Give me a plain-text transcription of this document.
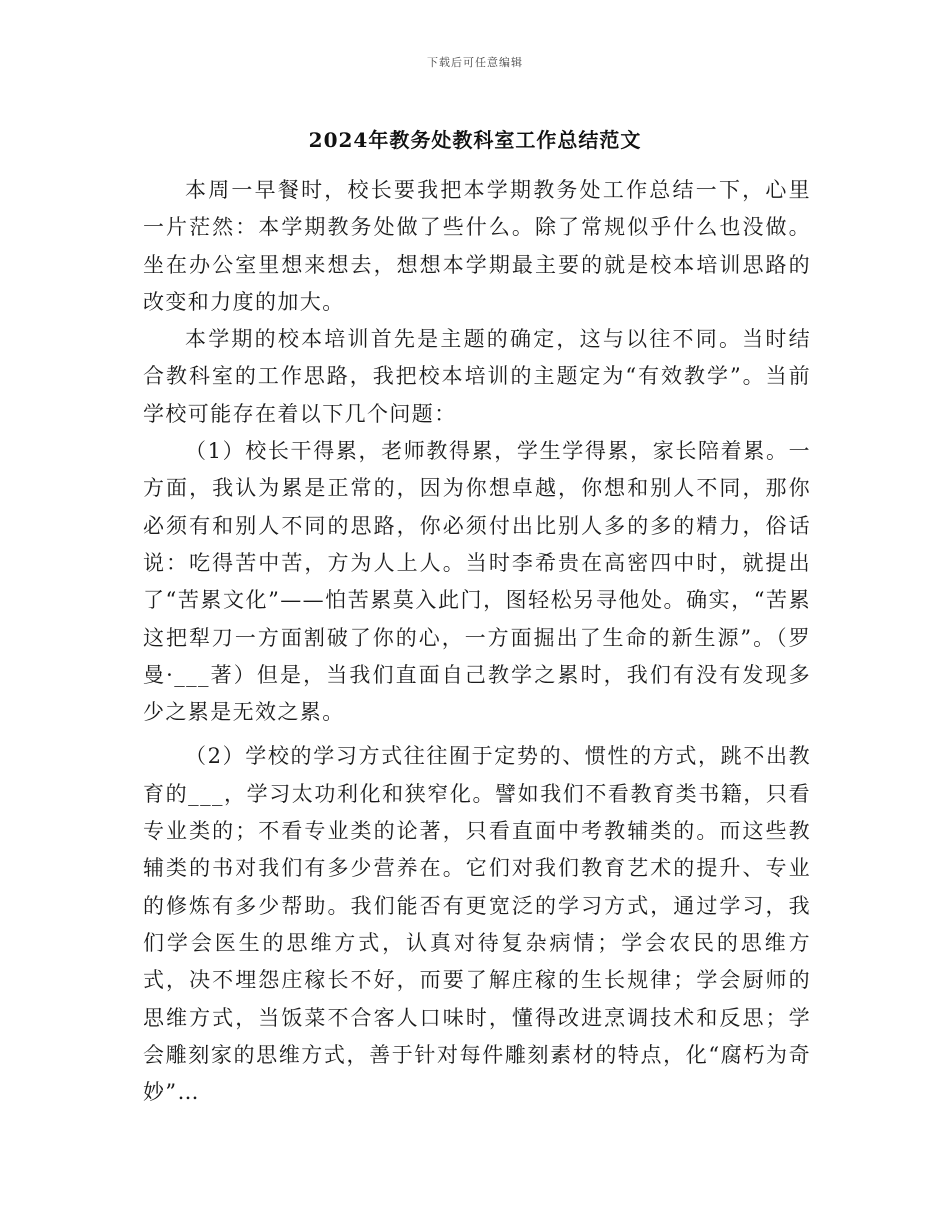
下载后可任意编辑
2024年教务处教科室工作总结范文

本周一早餐时，校长要我把本学期教务处工作总结一下，心里一片茫然：本学期教务处做了些什么。除了常规似乎什么也没做。坐在办公室里想来想去，想想本学期最主要的就是校本培训思路的改变和力度的加大。

本学期的校本培训首先是主题的确定，这与以往不同。当时结合教科室的工作思路，我把校本培训的主题定为“有效教学”。当前学校可能存在着以下几个问题：

（1）校长干得累，老师教得累，学生学得累，家长陪着累。一方面，我认为累是正常的，因为你想卓越，你想和别人不同，那你必须有和别人不同的思路，你必须付出比别人多的多的精力，俗话说：吃得苦中苦，方为人上人。当时李希贵在高密四中时，就提出了“苦累文化”——怕苦累莫入此门，图轻松另寻他处。确实，“苦累这把犁刀一方面割破了你的心，一方面掘出了生命的新生源”。（罗曼·___著）但是，当我们直面自己教学之累时，我们有没有发现多少之累是无效之累。

（2）学校的学习方式往往囿于定势的、惯性的方式，跳不出教育的___，学习太功利化和狭窄化。譬如我们不看教育类书籍，只看专业类的；不看专业类的论著，只看直面中考教辅类的。而这些教辅类的书对我们有多少营养在。它们对我们教育艺术的提升、专业的修炼有多少帮助。我们能否有更宽泛的学习方式，通过学习，我们学会医生的思维方式，认真对待复杂病情；学会农民的思维方式，决不埋怨庄稼长不好，而要了解庄稼的生长规律；学会厨师的思维方式，当饭菜不合客人口味时，懂得改进烹调技术和反思；学会雕刻家的思维方式，善于针对每件雕刻素材的特点，化“腐朽为奇妙”…
